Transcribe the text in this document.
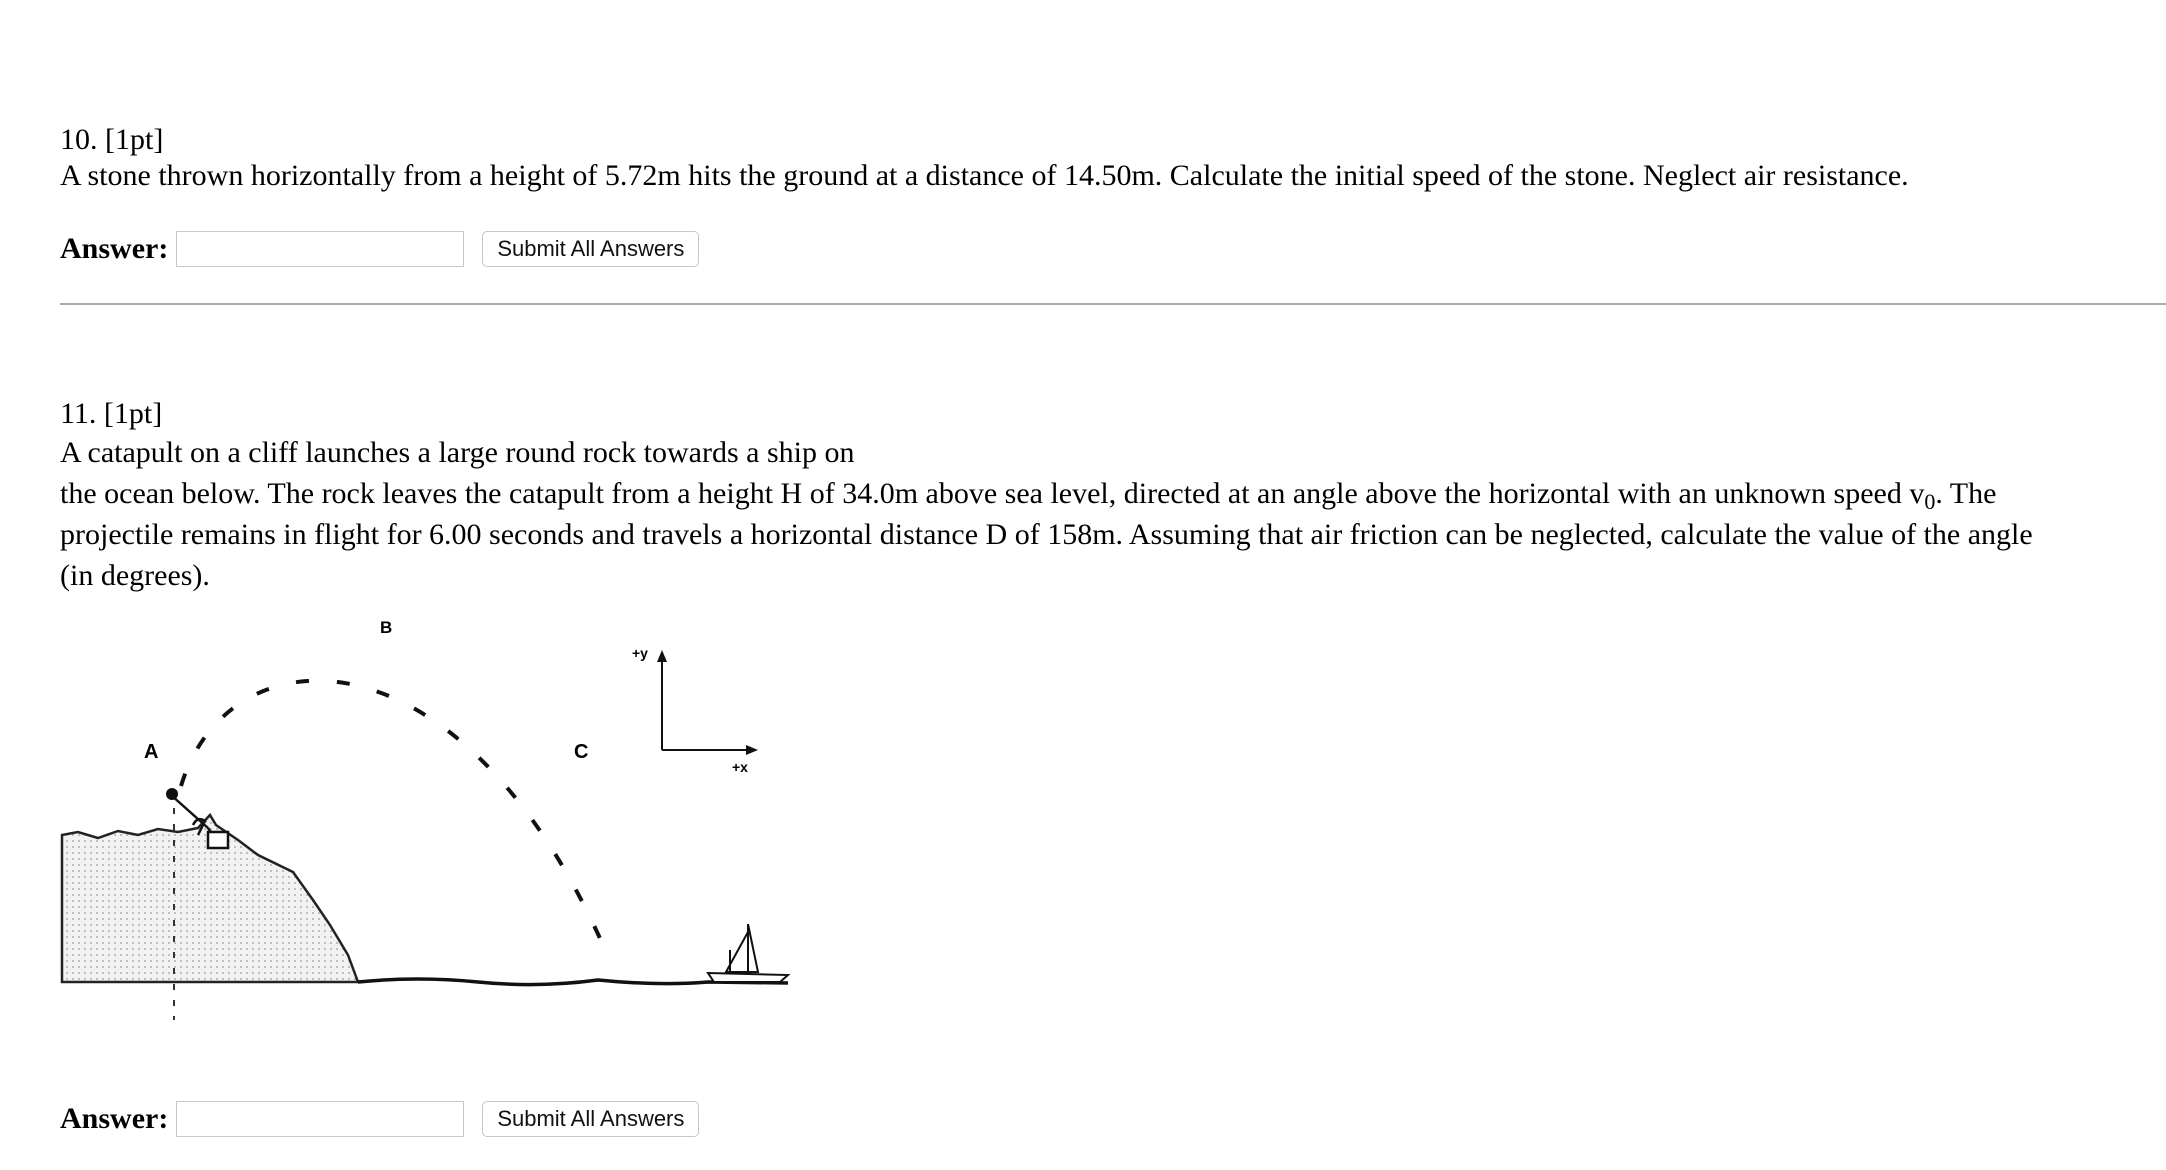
10. [1pt]
A stone thrown horizontally from a height of 5.72m hits the ground at a distance of 14.50m. Calculate the initial speed of the stone. Neglect air resistance.
Answer:	Submit All Answers
11. [1pt]
A catapult on a cliff launches a large round rock towards a ship on
the ocean below. The rock leaves the catapult from a height H of 34.0m above sea level, directed at an angle above the horizontal with an unknown speed $v_0$. The
projectile remains in flight for 6.00 seconds and travels a horizontal distance D of 158m. Assuming that air friction can be neglected, calculate the value of the angle
(in degrees).
A
B
C
+y
+x
Answer:	Submit All Answers
